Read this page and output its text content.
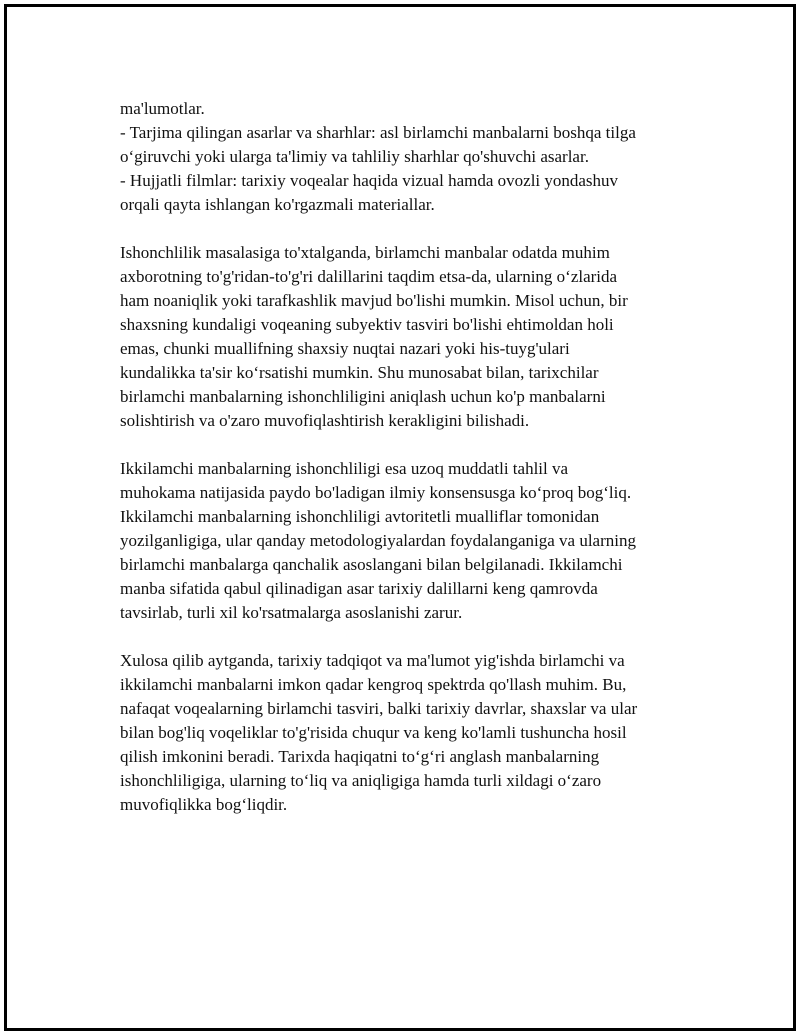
ma'lumotlar.
- Tarjima qilingan asarlar va sharhlar: asl birlamchi manbalarni boshqa tilga
o‘giruvchi yoki ularga ta'limiy va tahliliy sharhlar qo'shuvchi asarlar.
- Hujjatli filmlar: tarixiy voqealar haqida vizual hamda ovozli yondashuv
orqali qayta ishlangan ko'rgazmali materiallar.
Ishonchlilik masalasiga to'xtalganda, birlamchi manbalar odatda muhim
axborotning to'g'ridan-to'g'ri dalillarini taqdim etsa-da, ularning o‘zlarida
ham noaniqlik yoki tarafkashlik mavjud bo'lishi mumkin. Misol uchun, bir
shaxsning kundaligi voqeaning subyektiv tasviri bo'lishi ehtimoldan holi
emas, chunki muallifning shaxsiy nuqtai nazari yoki his-tuyg'ulari
kundalikka ta'sir ko‘rsatishi mumkin. Shu munosabat bilan, tarixchilar
birlamchi manbalarning ishonchliligini aniqlash uchun ko'p manbalarni
solishtirish va o'zaro muvofiqlashtirish kerakligini bilishadi.
Ikkilamchi manbalarning ishonchliligi esa uzoq muddatli tahlil va
muhokama natijasida paydo bo'ladigan ilmiy konsensusga ko‘proq bog‘liq.
Ikkilamchi manbalarning ishonchliligi avtoritetli mualliflar tomonidan
yozilganligiga, ular qanday metodologiyalardan foydalanganiga va ularning
birlamchi manbalarga qanchalik asoslangani bilan belgilanadi. Ikkilamchi
manba sifatida qabul qilinadigan asar tarixiy dalillarni keng qamrovda
tavsirlab, turli xil ko'rsatmalarga asoslanishi zarur.
Xulosa qilib aytganda, tarixiy tadqiqot va ma'lumot yig'ishda birlamchi va
ikkilamchi manbalarni imkon qadar kengroq spektrda qo'llash muhim. Bu,
nafaqat voqealarning birlamchi tasviri, balki tarixiy davrlar, shaxslar va ular
bilan bog'liq voqeliklar to'g'risida chuqur va keng ko'lamli tushuncha hosil
qilish imkonini beradi. Tarixda haqiqatni to‘g‘ri anglash manbalarning
ishonchliligiga, ularning to‘liq va aniqligiga hamda turli xildagi o‘zaro
muvofiqlikka bog‘liqdir.
